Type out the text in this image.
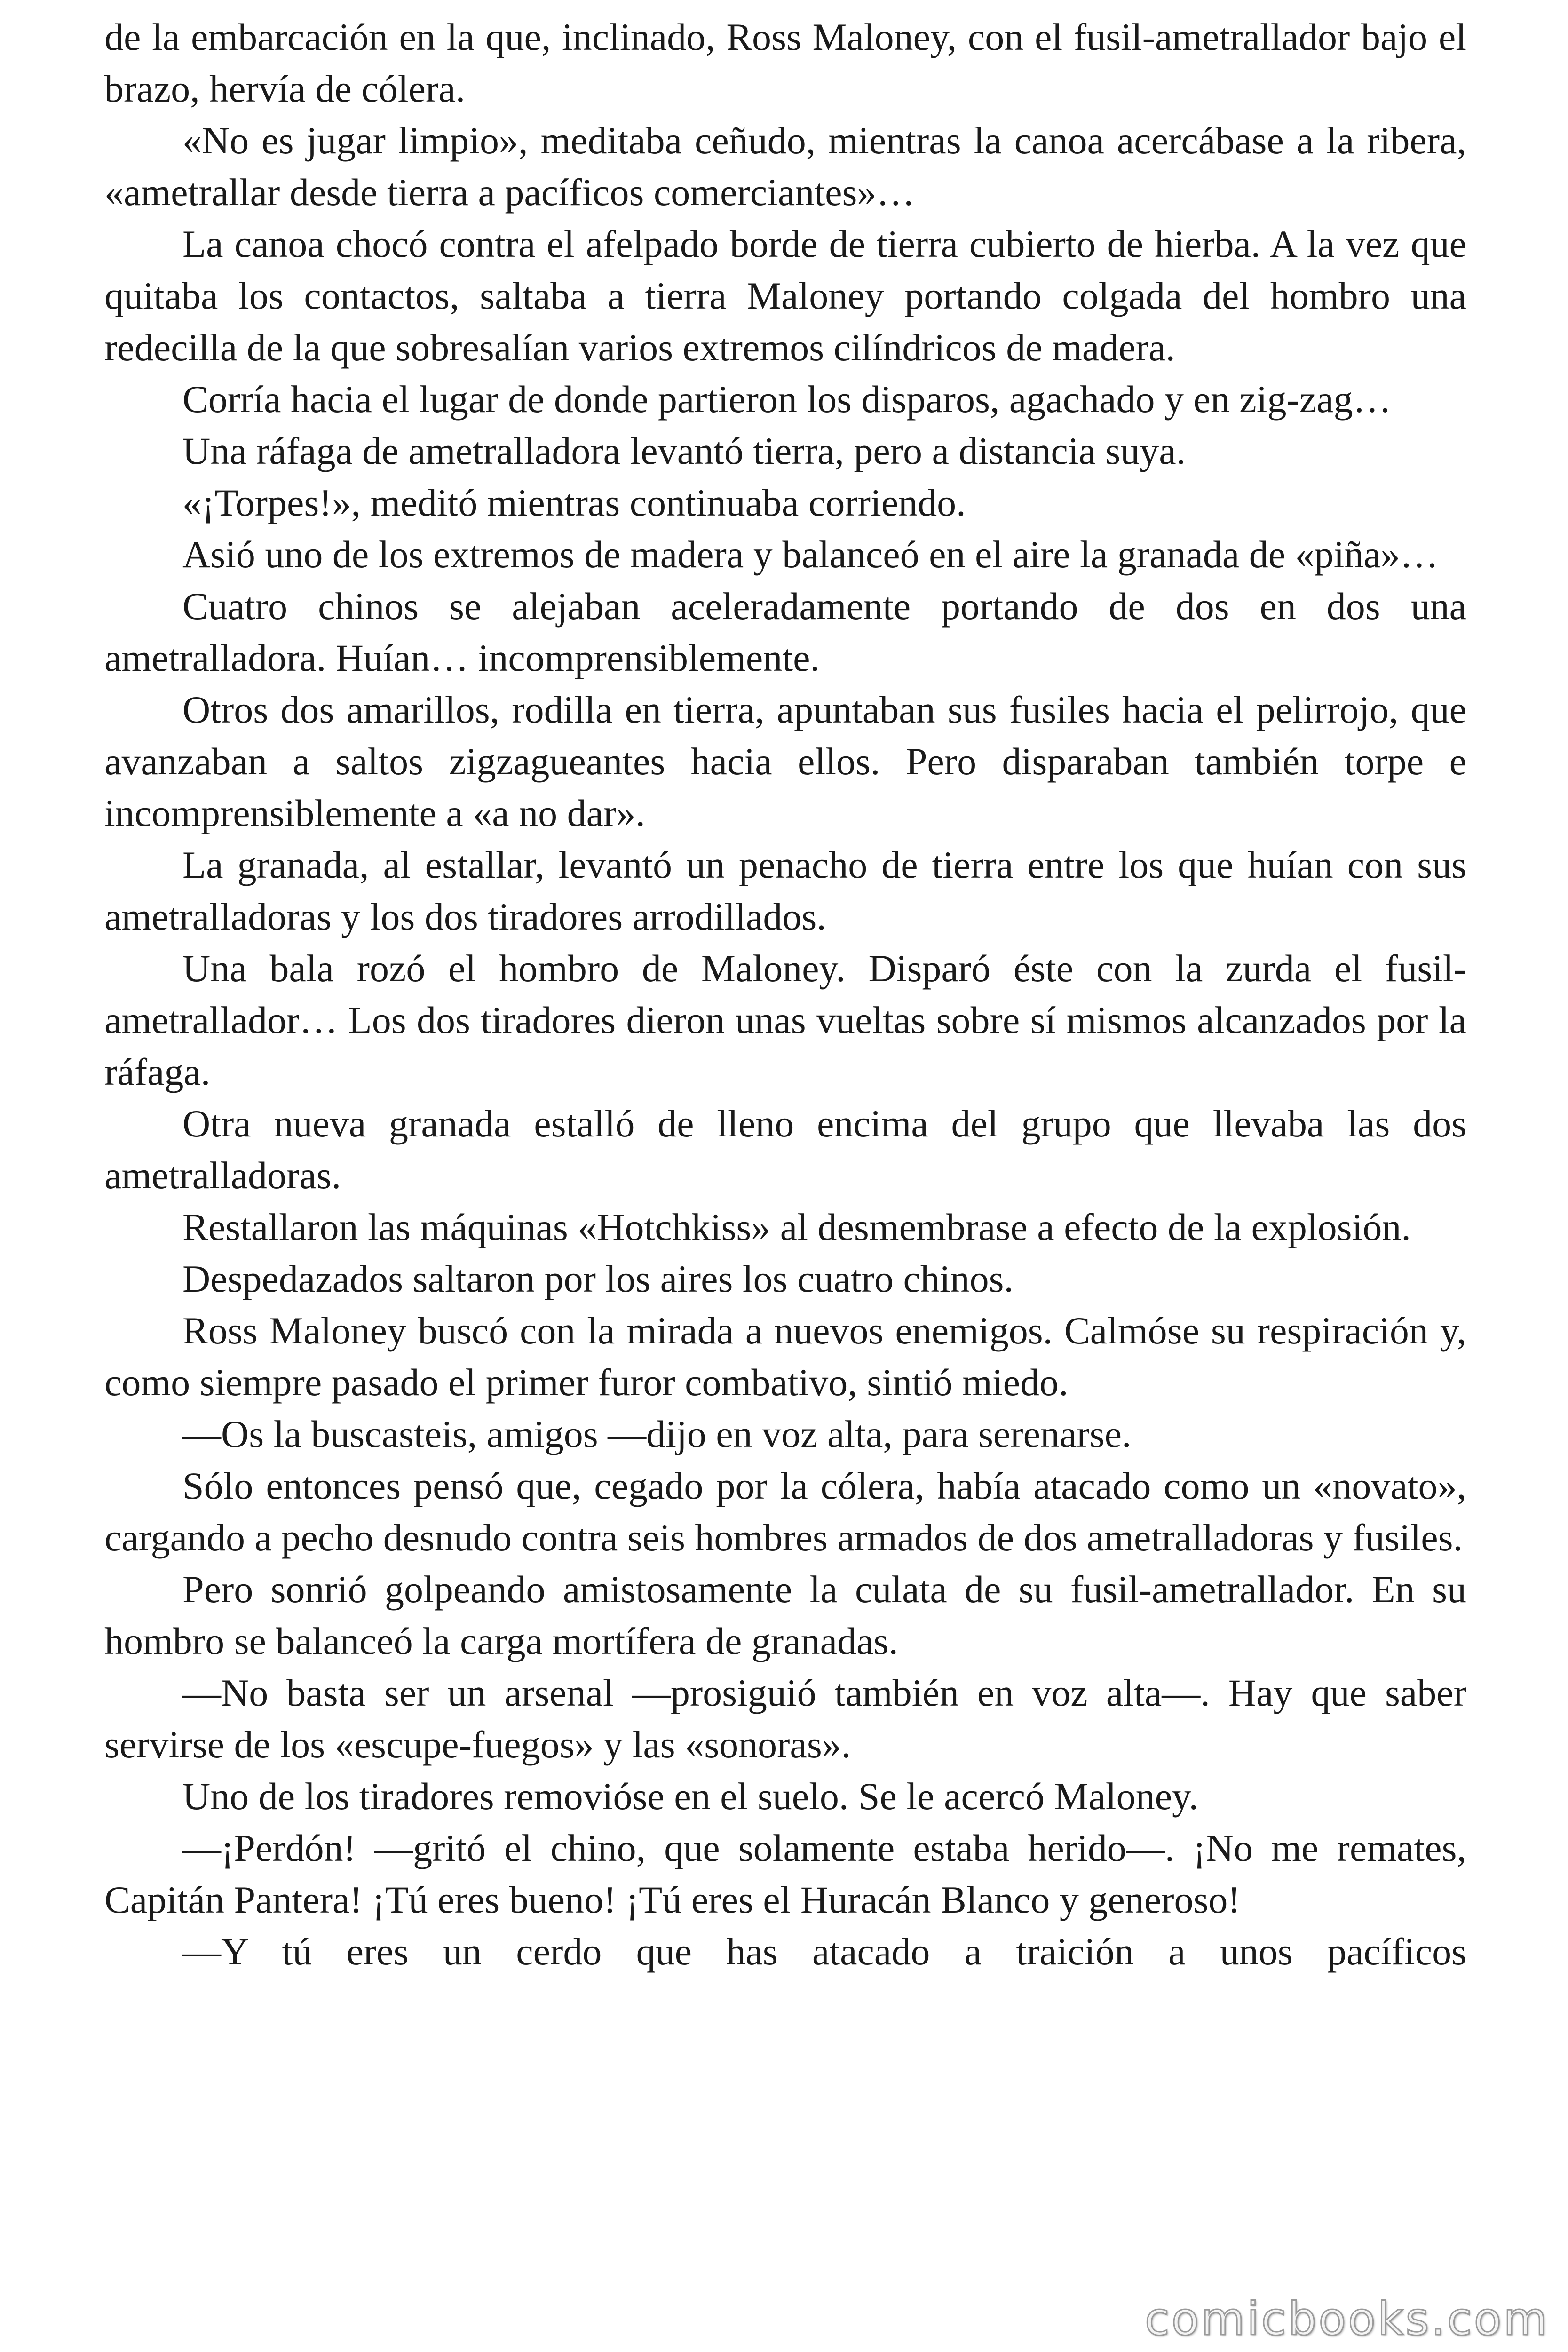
de la embarcación en la que, inclinado, Ross Maloney, con el fusil-ametrallador bajo el brazo, hervía de cólera.

«No es jugar limpio», meditaba ceñudo, mientras la canoa acercábase a la ribera, «ametrallar desde tierra a pacíficos comerciantes»…

La canoa chocó contra el afelpado borde de tierra cubierto de hierba. A la vez que quitaba los contactos, saltaba a tierra Maloney portando colgada del hombro una redecilla de la que sobresalían varios extremos cilíndricos de madera.

Corría hacia el lugar de donde partieron los disparos, agachado y en zig-zag…

Una ráfaga de ametralladora levantó tierra, pero a distancia suya.

«¡Torpes!», meditó mientras continuaba corriendo.

Asió uno de los extremos de madera y balanceó en el aire la granada de «piña»…

Cuatro chinos se alejaban aceleradamente portando de dos en dos una ametralladora. Huían… incomprensiblemente.

Otros dos amarillos, rodilla en tierra, apuntaban sus fusiles hacia el pelirrojo, que avanzaban a saltos zigzagueantes hacia ellos. Pero disparaban también torpe e incomprensiblemente a «a no dar».

La granada, al estallar, levantó un penacho de tierra entre los que huían con sus ametralladoras y los dos tiradores arrodillados.

Una bala rozó el hombro de Maloney. Disparó éste con la zurda el fusil-ametrallador… Los dos tiradores dieron unas vueltas sobre sí mismos alcanzados por la ráfaga.

Otra nueva granada estalló de lleno encima del grupo que llevaba las dos ametralladoras.

Restallaron las máquinas «Hotchkiss» al desmembrase a efecto de la explosión.

Despedazados saltaron por los aires los cuatro chinos.

Ross Maloney buscó con la mirada a nuevos enemigos. Calmóse su respiración y, como siempre pasado el primer furor combativo, sintió miedo.

—Os la buscasteis, amigos —dijo en voz alta, para serenarse.

Sólo entonces pensó que, cegado por la cólera, había atacado como un «novato», cargando a pecho desnudo contra seis hombres armados de dos ametralladoras y fusiles.

Pero sonrió golpeando amistosamente la culata de su fusil-ametrallador. En su hombro se balanceó la carga mortífera de granadas.

—No basta ser un arsenal —prosiguió también en voz alta—. Hay que saber servirse de los «escupe-fuegos» y las «sonoras».

Uno de los tiradores removióse en el suelo. Se le acercó Maloney.

—¡Perdón! —gritó el chino, que solamente estaba herido—. ¡No me remates, Capitán Pantera! ¡Tú eres bueno! ¡Tú eres el Huracán Blanco y generoso!

—Y tú eres un cerdo que has atacado a traición a unos pacíficos

comicbooks.com
